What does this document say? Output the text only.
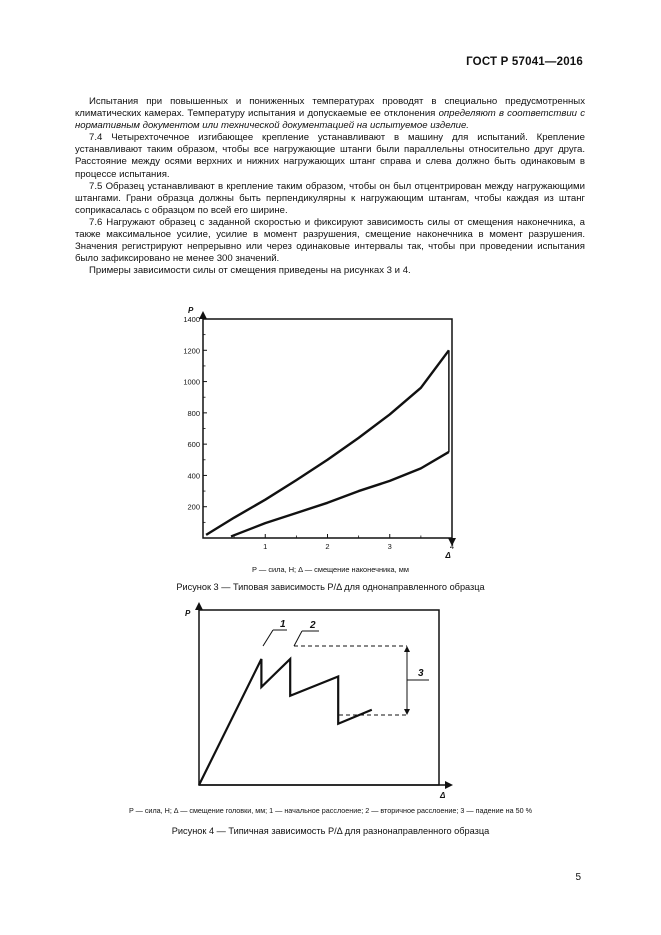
ГОСТ Р 57041—2016

Испытания при повышенных и пониженных температурах проводят в специально предусмотренных климатических камерах. Температуру испытания и допускаемые ее отклонения определяют в соответствии с нормативным документом или технической документацией на испытуемое изделие.

7.4 Четырехточечное изгибающее крепление устанавливают в машину для испытаний. Крепление устанавливают таким образом, чтобы все нагружающие штанги были параллельны относительно друг друга. Расстояние между осями верхних и нижних нагружающих штанг справа и слева должно быть одинаковым в процессе испытания.

7.5 Образец устанавливают в крепление таким образом, чтобы он был отцентрирован между нагружающими штангами. Грани образца должны быть перпендикулярны к нагружающим штангам, чтобы каждая из штанг соприкасалась с образцом по всей его ширине.

7.6 Нагружают образец с заданной скоростью и фиксируют зависимость силы от смещения наконечника, а также максимальное усилие, усилие в момент разрушения, смещение наконечника в момент разрушения. Значения регистрируют непрерывно или через одинаковые интервалы так, чтобы при проведении испытания было зафиксировано не менее 300 значений.

Примеры зависимости силы от смещения приведены на рисунках 3 и 4.

200
400
600
800
1000
1200
1400
1	2	3	4
P
Δ
P — сила, Н; Δ — смещение наконечника, мм
Рисунок 3 — Типовая зависимость P/Δ для однонаправленного образца
P
Δ
1 2
3
P — сила, Н; Δ — смещение головки, мм; 1 — начальное расслоение; 2 — вторичное расслоение; 3 — падение на 50 %
Рисунок 4 — Типичная зависимость P/Δ для разнонаправленного образца
5
